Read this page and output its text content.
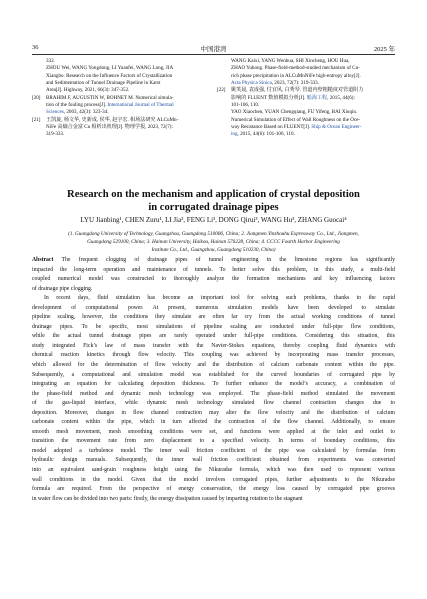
36	中国港湾	2025 年
332.
ZHOU Wei, WANG Yongdong, LI Yuanfei, WANG Long, JIA
Xiangbo. Research on the Influence Factors of Crystallization
and Sedimentation of Tunnel Drainage Pipeline in Karst
Area[J]. Highway, 2021, 66(3): 347-352.
[20] BRAHIM F, AUGUSTIN W, BOHNET M. Numerical simula-
tion of the fouling process[J]. International Journal of Thermal
Sciences, 2003, 42(3): 323-34.
[21] 王凯旋, 杨文华, 史新成, 侯华, 赵宇宏. 相场法研究 ALCuMn-
NiFe 高熵合金富 Cu 相析出机理[J]. 物理学报, 2023, 72(7):
319-333.
WANG Kaixi, YANG Wenhua, SHI Xincheng, HOU Hua,
ZHAO Yuhong. Phase-field-method-studied mechanism of Cu-
rich phase precipitation in ALCuMnNiFe high-entropy alloy[J].
Acta Physica Sinica, 2023, 72(7): 319-333.
[22] 姚笑晨, 袁成强, 付宜风, 白秀琴. 管道内壁粗糙度对管道阻力
影响的 FLUENT 数值模拟分析[J]. 船海工程, 2015, 44(6):
101-106, 110.
YAO Xiaochen, YUAN Chengqiang, FU Yifeng, BAI Xiuqin.
Numerical Simulation of Effect of Wall Roughness on the Oce-
way Resistance Based on FLUENT[J]. Ship & Ocean Engineer-
ing, 2015, 44(6): 101-106, 110.
Research on the mechanism and application of crystal deposition
in corrugated drainage pipes
LYU Jianbing¹, CHEN Zuru¹, LI Jia², FENG Li³, DONG Qirui³, WANG Hu³, ZHANG Guocai⁴
(1. Guangdong University of Technology, Guangzhou, Guangdong 510006, China; 2. Jiangmen Yinzhouhu Expressway Co., Ltd., Jiangmen,
Guangdong 529100, China; 3. Hainan University, Haikou, Hainan 570228, China; 4. CCCC Fourth Harbor Engineering
Institute Co., Ltd., Guangzhou, Guangdong 510230, China)
Abstract The frequent clogging of drainage pipes of tunnel engineering in the limestone regions has significantly
impacted the long-term operation and maintenance of tunnels. To better solve this problem, in this study, a multi-field
coupled numerical model was constructed to thoroughly analyze the formation mechanisms and key influencing factors
of drainage pipe clogging.
In recent days, fluid simulation has become an important tool for solving such problems, thanks to the rapid
development of computational power. At present, numerous simulation models have been developed to simulate
pipeline scaling, however, the conditions they simulate are often far cry from the actual working conditions of tunnel
drainage pipes. To be specific, most simulations of pipeline scaling are conducted under full-pipe flow conditions,
while the actual tunnel drainage pipes are rarely operated under full-pipe conditions. Considering this situation, this
study integrated Fick’s law of mass transfer with the Navier-Stokes equations, thereby coupling fluid dynamics with
chemical reaction kinetics through flow velocity. This coupling was achieved by incorporating mass transfer processes,
which allowed for the determination of flow velocity and the distribution of calcium carbonate content within the pipe.
Subsequently, a computational and simulation model was established for the curved boundaries of corrugated pipe by
integrating an equation for calculating deposition thickness. To further enhance the model’s accuracy, a combination of
the phase-field method and dynamic mesh technology was employed. The phase-field method simulated the movement
of the gas-liquid interface, while dynamic mesh technology simulated flow channel contraction changes due to
deposition. Moreover, changes in flow channel contraction may alter the flow velocity and the distribution of calcium
carbonate content within the pipe, which in turn affected the contraction of the flow channel. Additionally, to ensure
smooth mesh movement, mesh smoothing conditions were set, and functions were applied at the inlet and outlet to
transition the movement rate from zero displacement to a specified velocity. In terms of boundary conditions, this
model adopted a turbulence model. The inner wall friction coefficient of the pipe was calculated by formulas from
hydraulic design manuals. Subsequently, the inner wall friction coefficient obtained from experiments was converted
into an equivalent sand-grain roughness height using the Nikuradse formula, which was then used to represent various
wall conditions in the model. Given that the model involves corrugated pipes, further adjustments to the Nikuradse
formula are required. From the perspective of energy conservation, the energy loss caused by corrugated pipe grooves
in water flow can be divided into two parts: firstly, the energy dissipation caused by imparting rotation to the stagnant
